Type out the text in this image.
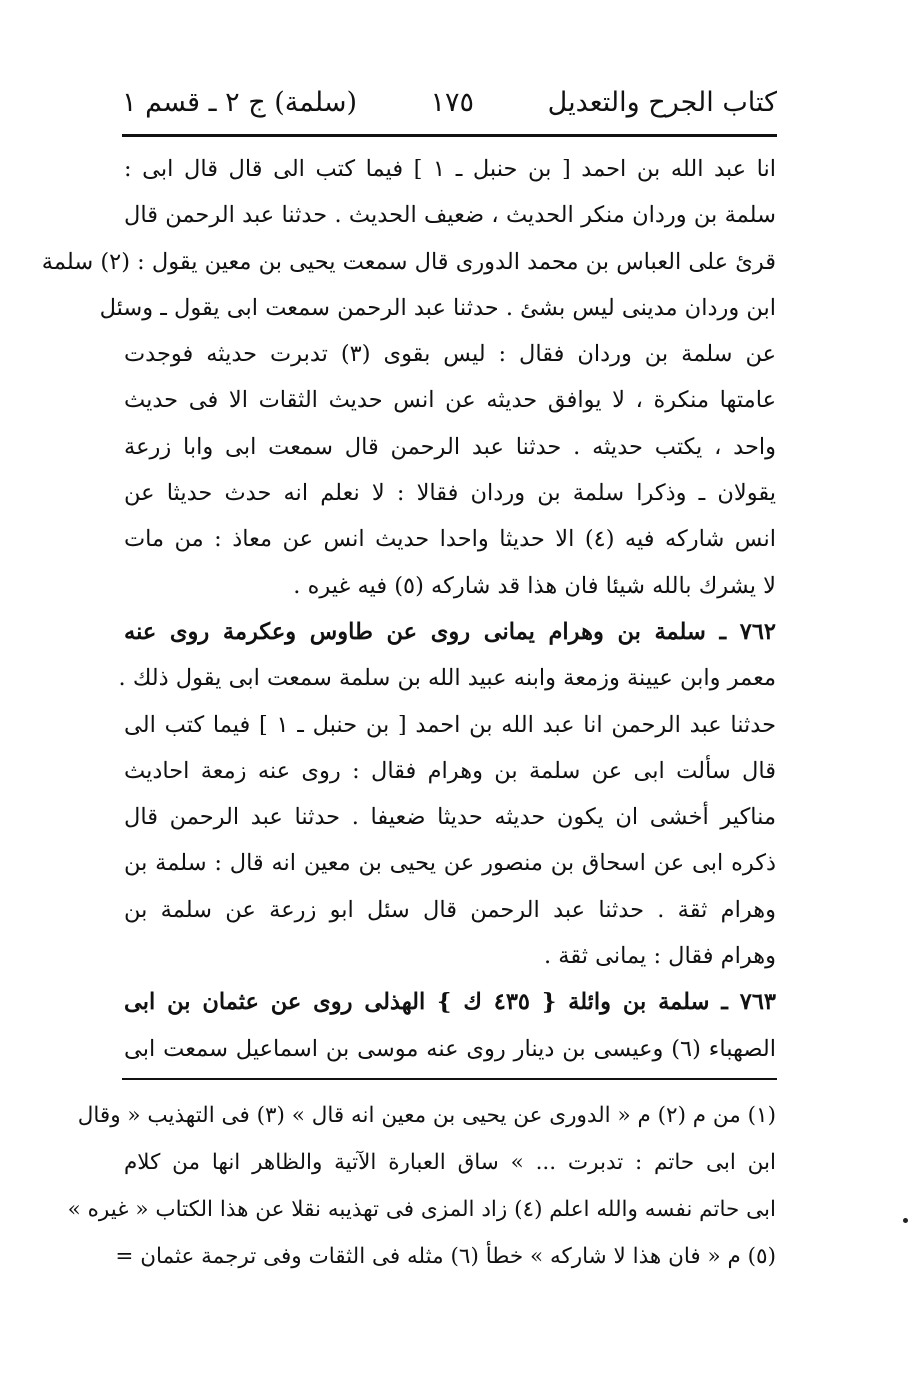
كتاب الجرح والتعديل
١٧٥
(سلمة) ج ٢ ـ قسم ١
انا عبد الله بن احمد [ بن حنبل ـ ١ ] فيما كتب الى قال قال ابى :
سلمة بن وردان منكر الحديث ، ضعيف الحديث . حدثنا عبد الرحمن قال
قرئ على العباس بن محمد الدورى قال سمعت يحيى بن معين يقول : (٢) سلمة
ابن وردان مدينى ليس بشئ . حدثنا عبد الرحمن سمعت ابى يقول ـ وسئل
عن سلمة بن وردان فقال : ليس بقوى (٣) تدبرت حديثه فوجدت
عامتها منكرة ، لا يوافق حديثه عن انس حديث الثقات الا فى حديث
واحد ، يكتب حديثه . حدثنا عبد الرحمن قال سمعت ابى وابا زرعة
يقولان ـ وذكرا سلمة بن وردان فقالا : لا نعلم انه حدث حديثا عن
انس شاركه فيه (٤) الا حديثا واحدا حديث انس عن معاذ : من مات
لا يشرك بالله شيئا فان هذا قد شاركه (٥) فيه غيره .
٧٦٢ ـ سلمة بن وهرام يمانى روى عن طاوس وعكرمة روى عنه
معمر وابن عيينة وزمعة وابنه عبيد الله بن سلمة سمعت ابى يقول ذلك .
حدثنا عبد الرحمن انا عبد الله بن احمد [ بن حنبل ـ ١ ] فيما كتب الى
قال سألت ابى عن سلمة بن وهرام فقال : روى عنه زمعة احاديث
مناكير أخشى ان يكون حديثه حديثا ضعيفا . حدثنا عبد الرحمن قال
ذكره ابى عن اسحاق بن منصور عن يحيى بن معين انه قال : سلمة بن
وهرام ثقة . حدثنا عبد الرحمن قال سئل ابو زرعة عن سلمة بن
وهرام فقال : يمانى ثقة .
٧٦٣ ـ سلمة بن وائلة { ٤٣٥ ك } الهذلى روى عن عثمان بن ابى
الصهباء (٦) وعيسى بن دينار روى عنه موسى بن اسماعيل سمعت ابى
(١) من م (٢) م « الدورى عن يحيى بن معين انه قال » (٣) فى التهذيب « وقال
ابن ابى حاتم : تدبرت ... » ساق العبارة الآتية والظاهر انها من كلام
ابى حاتم نفسه والله اعلم (٤) زاد المزى فى تهذيبه نقلا عن هذا الكتاب « غيره »
(٥) م « فان هذا لا شاركه » خطأ (٦) مثله فى الثقات وفى ترجمة عثمان =
